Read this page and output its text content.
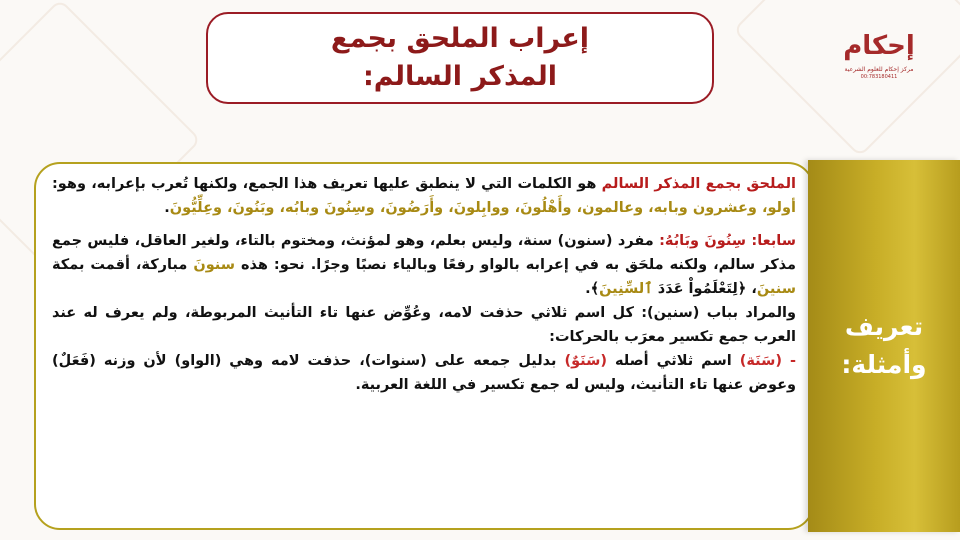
إعراب الملحق بجمع
المذكر السالم:
إحكام
مركز إحكام للعلوم الشرعية
00:783180411
الملحق بجمع المذكر السالم هو الكلمات التي لا ينطبق عليها تعريف هذا الجمع، ولكنها تُعرب بإعرابه، وهو: أولو، وعشرون وبابه، وعالمون، وأَهْلُونَ، ووابِلونَ، وأَرَضُونَ، وسِنُونَ وبابُه، وبَنُونَ، وعِلِّيُّونَ.
سابعا: سِنُونَ وبَابُهُ: مفرد (سنون) سنة، وليس بعلم، وهو لمؤنث، ومختوم بالتاء، ولغير العاقل، فليس جمع مذكر سالم، ولكنه ملحَق به في إعرابه بالواو رفعًا وبالياء نصبًا وجرًا. نحو: هذه سنونَ مباركة، أقمت بمكة سنينَ، ﴿لِتَعْلَمُواْ عَدَدَ ٱلسِّنِينَ﴾.
والمراد بباب (سنين): كل اسم ثلاثي حذفت لامه، وعُوِّض عنها تاء التأنيث المربوطة، ولم يعرف له عند العرب جمع تكسير معرَب بالحركات:
- (سَنَة) اسم ثلاثي أصله (سَنَوٌ) بدليل جمعه على (سنوات)، حذفت لامه وهي (الواو) لأن وزنه (فَعَلٌ) وعوض عنها تاء التأنيث، وليس له جمع تكسير في اللغة العربية.
تعريف
وأمثلة:
